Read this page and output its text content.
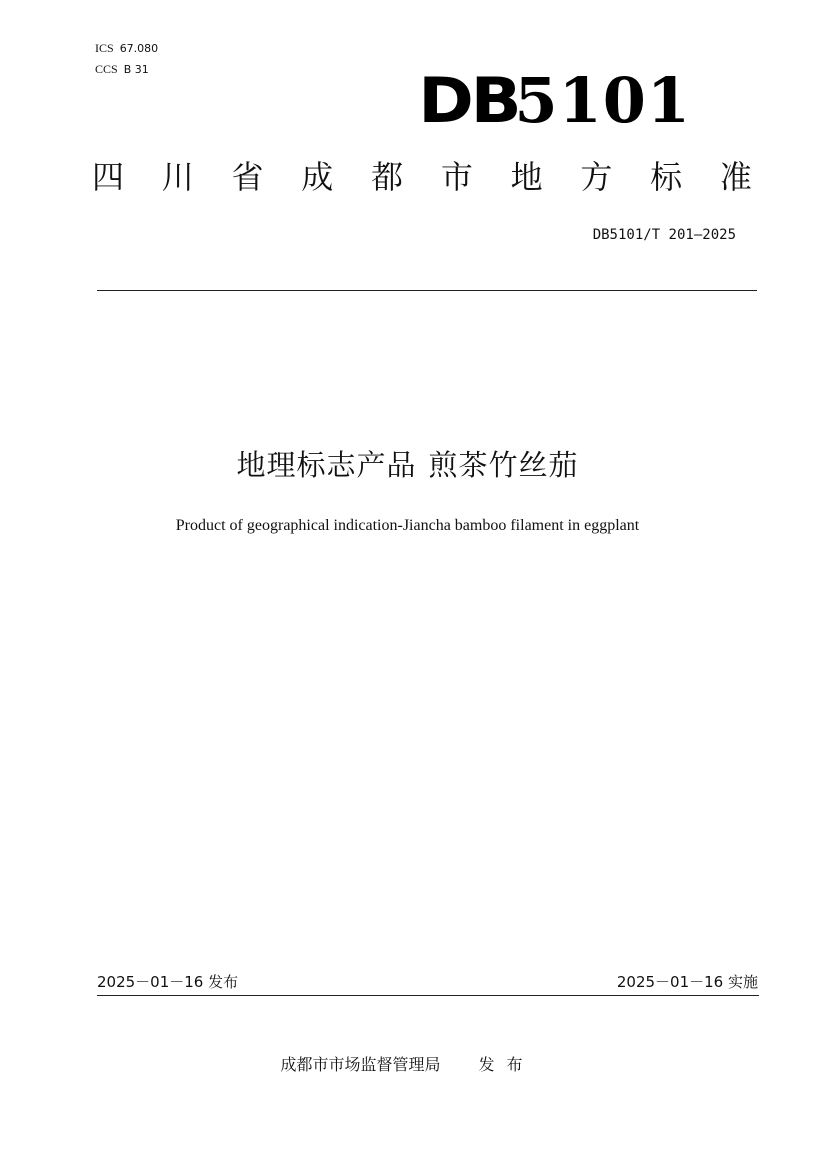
ICS 67.080
CCS B 31	DB5101
四 川 省 成 都 市 地 方 标 准
DB5101/T 201—2025
地理标志产品 煎茶竹丝茄
Product of geographical indication-Jiancha bamboo filament in eggplant
2025－01－16 发布	2025－01－16 实施
成都市市场监督管理局 发布
